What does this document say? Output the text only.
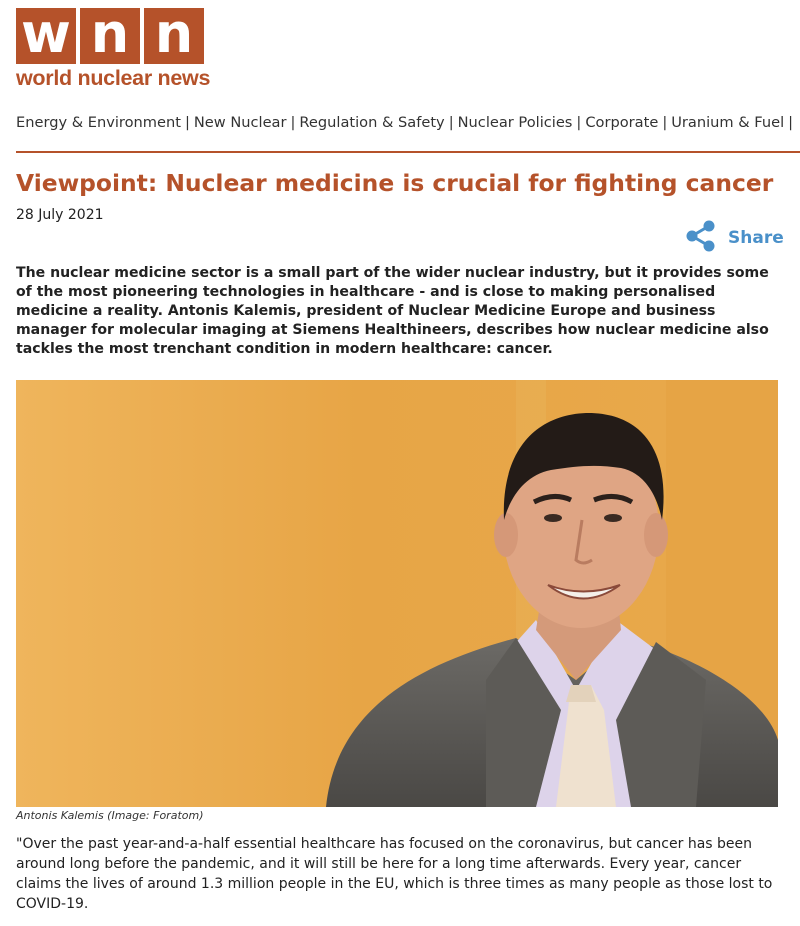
w n n
world nuclear news
Energy & Environment | New Nuclear | Regulation & Safety | Nuclear Policies | Corporate | Uranium & Fuel |
Viewpoint: Nuclear medicine is crucial for fighting cancer
28 July 2021
Share

The nuclear medicine sector is a small part of the wider nuclear industry, but it provides some of the most pioneering technologies in healthcare - and is close to making personalised medicine a reality. Antonis Kalemis, president of Nuclear Medicine Europe and business manager for molecular imaging at Siemens Healthineers, describes how nuclear medicine also tackles the most trenchant condition in modern healthcare: cancer.

Antonis Kalemis (Image: Foratom)

"Over the past year-and-a-half essential healthcare has focused on the coronavirus, but cancer has been around long before the pandemic, and it will still be here for a long time afterwards. Every year, cancer claims the lives of around 1.3 million people in the EU, which is three times as many people as those lost to COVID-19.
